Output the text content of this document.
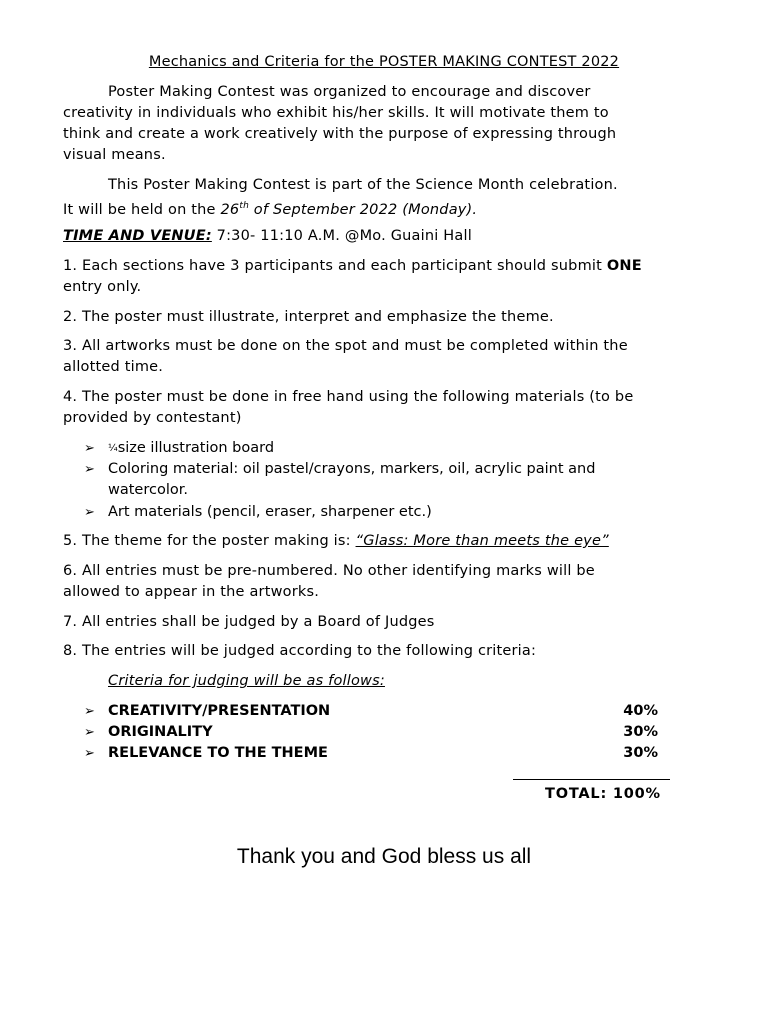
Mechanics and Criteria for the POSTER MAKING CONTEST 2022
Poster Making Contest was organized to encourage and discover
creativity in individuals who exhibit his/her skills. It will motivate them to
think and create a work creatively with the purpose of expressing through
visual means.
This Poster Making Contest is part of the Science Month celebration.
It will be held on the 26th of September 2022 (Monday).
TIME AND VENUE: 7:30- 11:10 A.M. @Mo. Guaini Hall
1. Each sections have 3 participants and each participant should submit ONE
entry only.
2. The poster must illustrate, interpret and emphasize the theme.
3. All artworks must be done on the spot and must be completed within the
allotted time.
4. The poster must be done in free hand using the following materials (to be
provided by contestant)
➢ ¼size illustration board
➢ Coloring material: oil pastel/crayons, markers, oil, acrylic paint and
watercolor.
➢ Art materials (pencil, eraser, sharpener etc.)
5. The theme for the poster making is: “Glass: More than meets the eye”
6. All entries must be pre-numbered. No other identifying marks will be
allowed to appear in the artworks.
7. All entries shall be judged by a Board of Judges
8. The entries will be judged according to the following criteria:
Criteria for judging will be as follows:
➢ CREATIVITY/PRESENTATION	40%
➢ ORIGINALITY	30%
➢ RELEVANCE TO THE THEME	30%
TOTAL: 100%
Thank you and God bless us all
